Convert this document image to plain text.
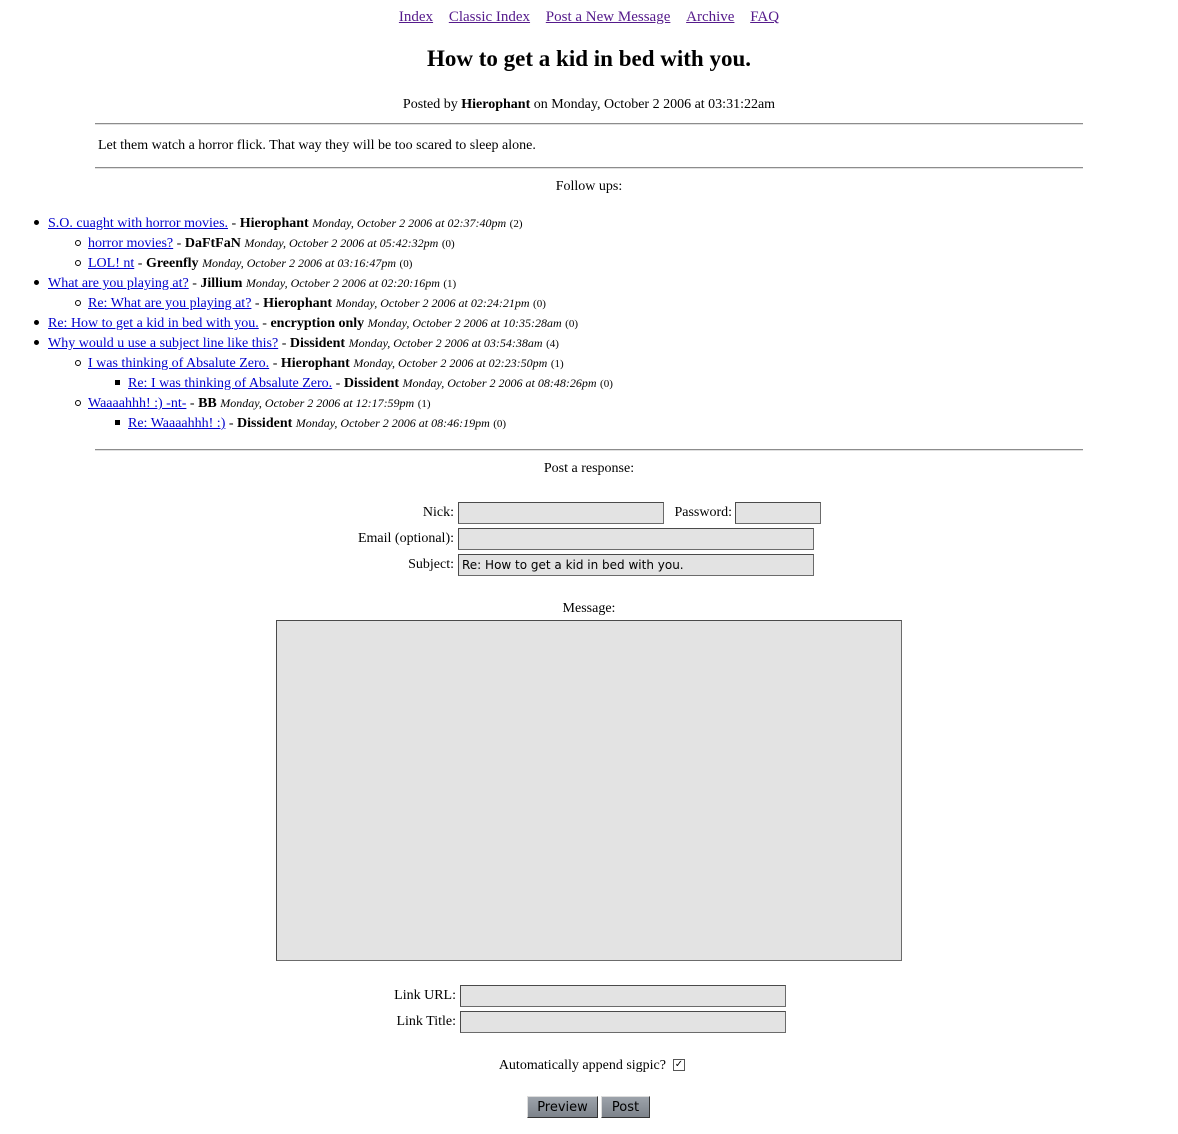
Index Classic Index Post a New Message Archive FAQ
How to get a kid in bed with you.
Posted by Hierophant on Monday, October 2 2006 at 03:31:22am
Let them watch a horror flick. That way they will be too scared to sleep alone.
Follow ups:
S.O. cuaght with horror movies. - Hierophant Monday, October 2 2006 at 02:37:40pm (2)
horror movies? - DaFtFaN Monday, October 2 2006 at 05:42:32pm (0)
LOL! nt - Greenfly Monday, October 2 2006 at 03:16:47pm (0)
What are you playing at? - Jillium Monday, October 2 2006 at 02:20:16pm (1)
Re: What are you playing at? - Hierophant Monday, October 2 2006 at 02:24:21pm (0)
Re: How to get a kid in bed with you. - encryption only Monday, October 2 2006 at 10:35:28am (0)
Why would u use a subject line like this? - Dissident Monday, October 2 2006 at 03:54:38am (4)
I was thinking of Absalute Zero. - Hierophant Monday, October 2 2006 at 02:23:50pm (1)
Re: I was thinking of Absalute Zero. - Dissident Monday, October 2 2006 at 08:48:26pm (0)
Waaaahhh! :) -nt- - BB Monday, October 2 2006 at 12:17:59pm (1)
Re: Waaaahhh! :) - Dissident Monday, October 2 2006 at 08:46:19pm (0)
Post a response:
Nick:	Password:
Email (optional):
Subject:
Re: How to get a kid in bed with you.
Message:
Link URL:
Link Title:
Automatically append sigpic? ✓
Preview	Post
